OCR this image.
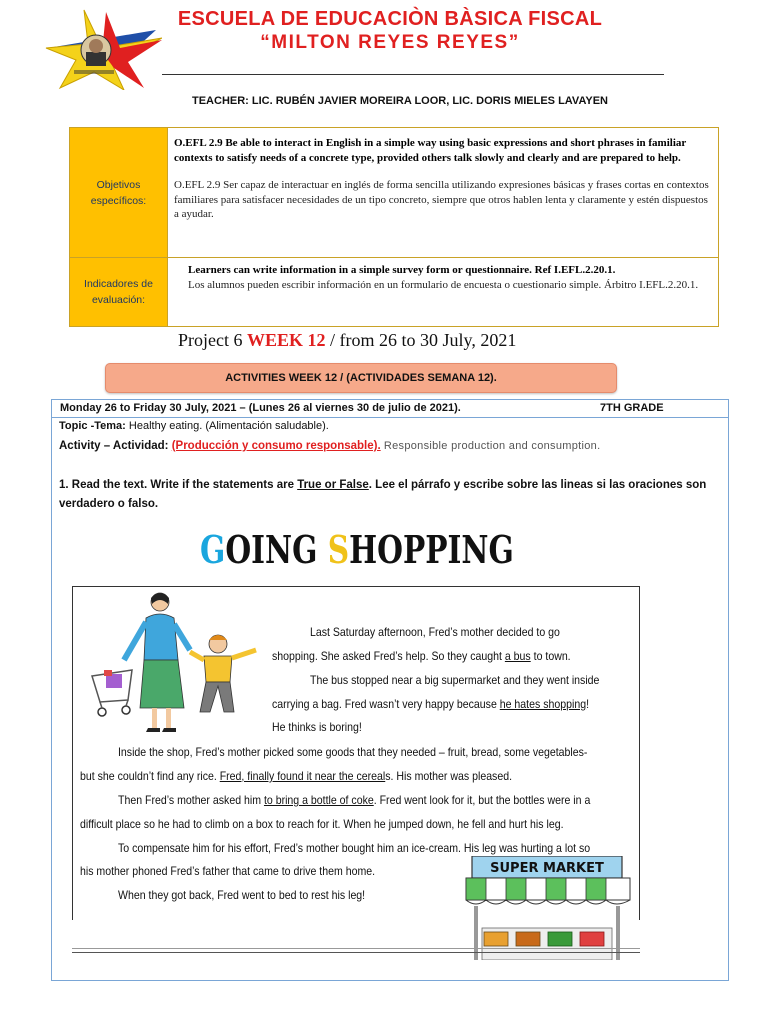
ESCUELA DE EDUCACIÒN BÀSICA FISCAL
“MILTON REYES REYES”
TEACHER: LIC. RUBÉN JAVIER MOREIRA LOOR, LIC. DORIS MIELES LAVAYEN
Objetivos específicos:

O.EFL 2.9 Be able to interact in English in a simple way using basic expressions and short phrases in familiar contexts to satisfy needs of a concrete type, provided others talk slowly and clearly and are prepared to help.

O.EFL 2.9 Ser capaz de interactuar en inglés de forma sencilla utilizando expresiones básicas y frases cortas en contextos familiares para satisfacer necesidades de un tipo concreto, siempre que otros hablen lenta y claramente y estén dispuestos a ayudar.

Indicadores de evaluación:

Learners can write information in a simple survey form or questionnaire. Ref I.EFL.2.20.1.

Los alumnos pueden escribir información en un formulario de encuesta o cuestionario simple. Árbitro I.EFL.2.20.1.

Project 6 WEEK 12 / from 26 to 30 July, 2021
ACTIVITIES WEEK 12 / (ACTIVIDADES SEMANA 12).
Monday 26 to Friday 30 July, 2021 – (Lunes 26 al viernes 30 de julio de 2021).	7TH GRADE
Topic -Tema: Healthy eating. (Alimentación saludable).
Activity – Actividad: (Producción y consumo responsable). Responsible production and consumption.
1. Read the text. Write if the statements are True or False. Lee el párrafo y escribe sobre las lineas si las oraciones son verdadero o falso.
GOING SHOPPING
Last Saturday afternoon, Fred’s mother decided to go
shopping. She asked Fred’s help. So they caught a bus to town.
The bus stopped near a big supermarket and they went inside
carrying a bag. Fred wasn’t very happy because he hates shopping!
He thinks is boring!
Inside the shop, Fred’s mother picked some goods that they needed – fruit, bread, some vegetables-
but she couldn’t find any rice. Fred, finally found it near the cereals. His mother was pleased.
Then Fred’s mother asked him to bring a bottle of coke. Fred went look for it, but the bottles were in a
difficult place so he had to climb on a box to reach for it. When he jumped down, he fell and hurt his leg.
To compensate him for his effort, Fred’s mother bought him an ice-cream. His leg was hurting a lot so
his mother phoned Fred’s father that came to drive them home.
When they got back, Fred went to bed to rest his leg!
SUPER MARKET
